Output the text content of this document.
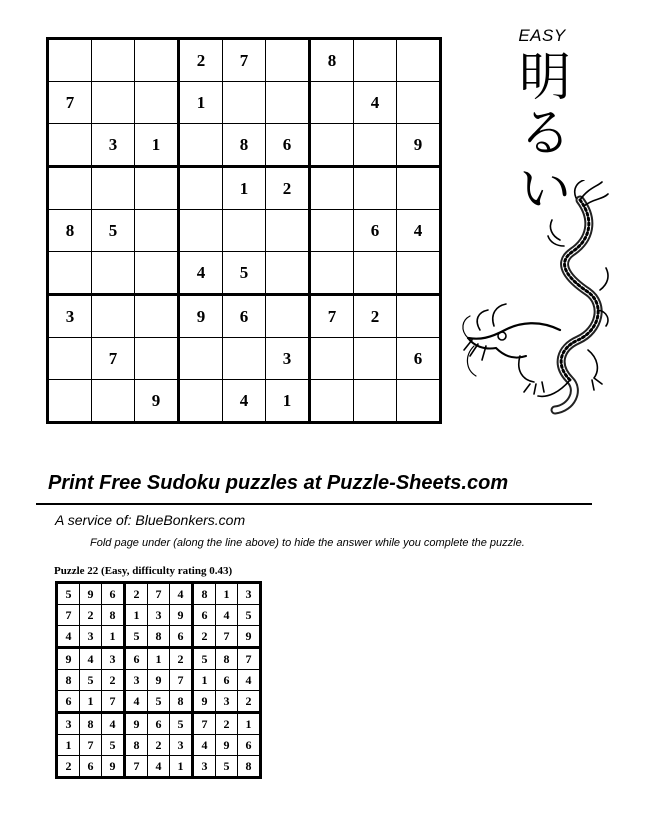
			2	7		8		
7			1				4	
	3	1		8	6			9
				1	2			
8	5						6	4
			4	5				
3			9	6		7	2	
	7				3			6
		9		4	1			
EASY
明
る
い
Print Free Sudoku puzzles at Puzzle-Sheets.com
A service of: BlueBonkers.com
Fold page under (along the line above) to hide the answer while you complete the puzzle.
Puzzle 22 (Easy, difficulty rating 0.43)
5	9	6	2	7	4	8	1	3
7	2	8	1	3	9	6	4	5
4	3	1	5	8	6	2	7	9
9	4	3	6	1	2	5	8	7
8	5	2	3	9	7	1	6	4
6	1	7	4	5	8	9	3	2
3	8	4	9	6	5	7	2	1
1	7	5	8	2	3	4	9	6
2	6	9	7	4	1	3	5	8
